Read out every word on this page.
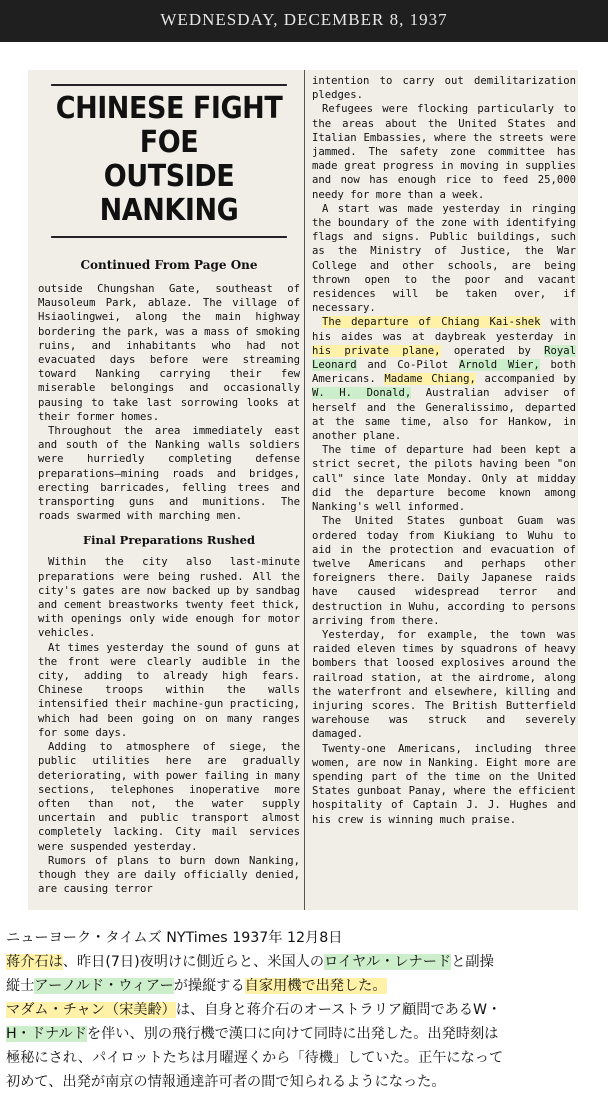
WEDNESDAY, DECEMBER 8, 1937
CHINESE FIGHT FOE
OUTSIDE NANKING
Continued From Page One

outside Chungshan Gate, southeast of Mausoleum Park, ablaze. The village of Hsiaolingwei, along the main highway bordering the park, was a mass of smoking ruins, and inhabitants who had not evacuated days before were streaming toward Nanking carrying their few miserable belongings and occasionally pausing to take last sorrowing looks at their former homes.

Throughout the area immediately east and south of the Nanking walls soldiers were hurriedly completing defense preparations—mining roads and bridges, erecting barricades, felling trees and transporting guns and munitions. The roads swarmed with marching men.

Final Preparations Rushed

Within the city also last-minute preparations were being rushed. All the city's gates are now backed up by sandbag and cement breastworks twenty feet thick, with openings only wide enough for motor vehicles.

At times yesterday the sound of guns at the front were clearly audible in the city, adding to already high fears. Chinese troops within the walls intensified their machine-gun practicing, which had been going on on many ranges for some days.

Adding to atmosphere of siege, the public utilities here are gradually deteriorating, with power failing in many sections, telephones inoperative more often than not, the water supply uncertain and public transport almost completely lacking. City mail services were suspended yesterday.

Rumors of plans to burn down Nanking, though they are daily officially denied, are causing terror

intention to carry out demilitarization pledges.

Refugees were flocking particularly to the areas about the United States and Italian Embassies, where the streets were jammed. The safety zone committee has made great progress in moving in supplies and now has enough rice to feed 25,000 needy for more than a week.

A start was made yesterday in ringing the boundary of the zone with identifying flags and signs. Public buildings, such as the Ministry of Justice, the War College and other schools, are being thrown open to the poor and vacant residences will be taken over, if necessary.

The departure of Chiang Kai-shek with his aides was at daybreak yesterday in his private plane, operated by Royal Leonard and Co-Pilot Arnold Wier, both Americans. Madame Chiang, accompanied by W. H. Donald, Australian adviser of herself and the Generalissimo, departed at the same time, also for Hankow, in another plane.

The time of departure had been kept a strict secret, the pilots having been "on call" since late Monday. Only at midday did the departure become known among Nanking's well informed.

The United States gunboat Guam was ordered today from Kiukiang to Wuhu to aid in the protection and evacuation of twelve Americans and perhaps other foreigners there. Daily Japanese raids have caused widespread terror and destruction in Wuhu, according to persons arriving from there.

Yesterday, for example, the town was raided eleven times by squadrons of heavy bombers that loosed explosives around the railroad station, at the airdrome, along the waterfront and elsewhere, killing and injuring scores. The British Butterfield warehouse was struck and severely damaged.

Twenty-one Americans, including three women, are now in Nanking. Eight more are spending part of the time on the United States gunboat Panay, where the efficient hospitality of Captain J. J. Hughes and his crew is winning much praise.

ニューヨーク・タイムズ NYTimes 1937年 12月8日
蒋介石は、昨日(7日)夜明けに側近らと、米国人のロイヤル・レナードと副操
縦士アーノルド・ウィアーが操縦する自家用機で出発した。
マダム・チャン（宋美齢）は、自身と蒋介石のオーストラリア顧問であるW・
H・ドナルドを伴い、別の飛行機で漢口に向けて同時に出発した。出発時刻は
極秘にされ、パイロットたちは月曜遅くから「待機」していた。正午になって
初めて、出発が南京の情報通達許可者の間で知られるようになった。
